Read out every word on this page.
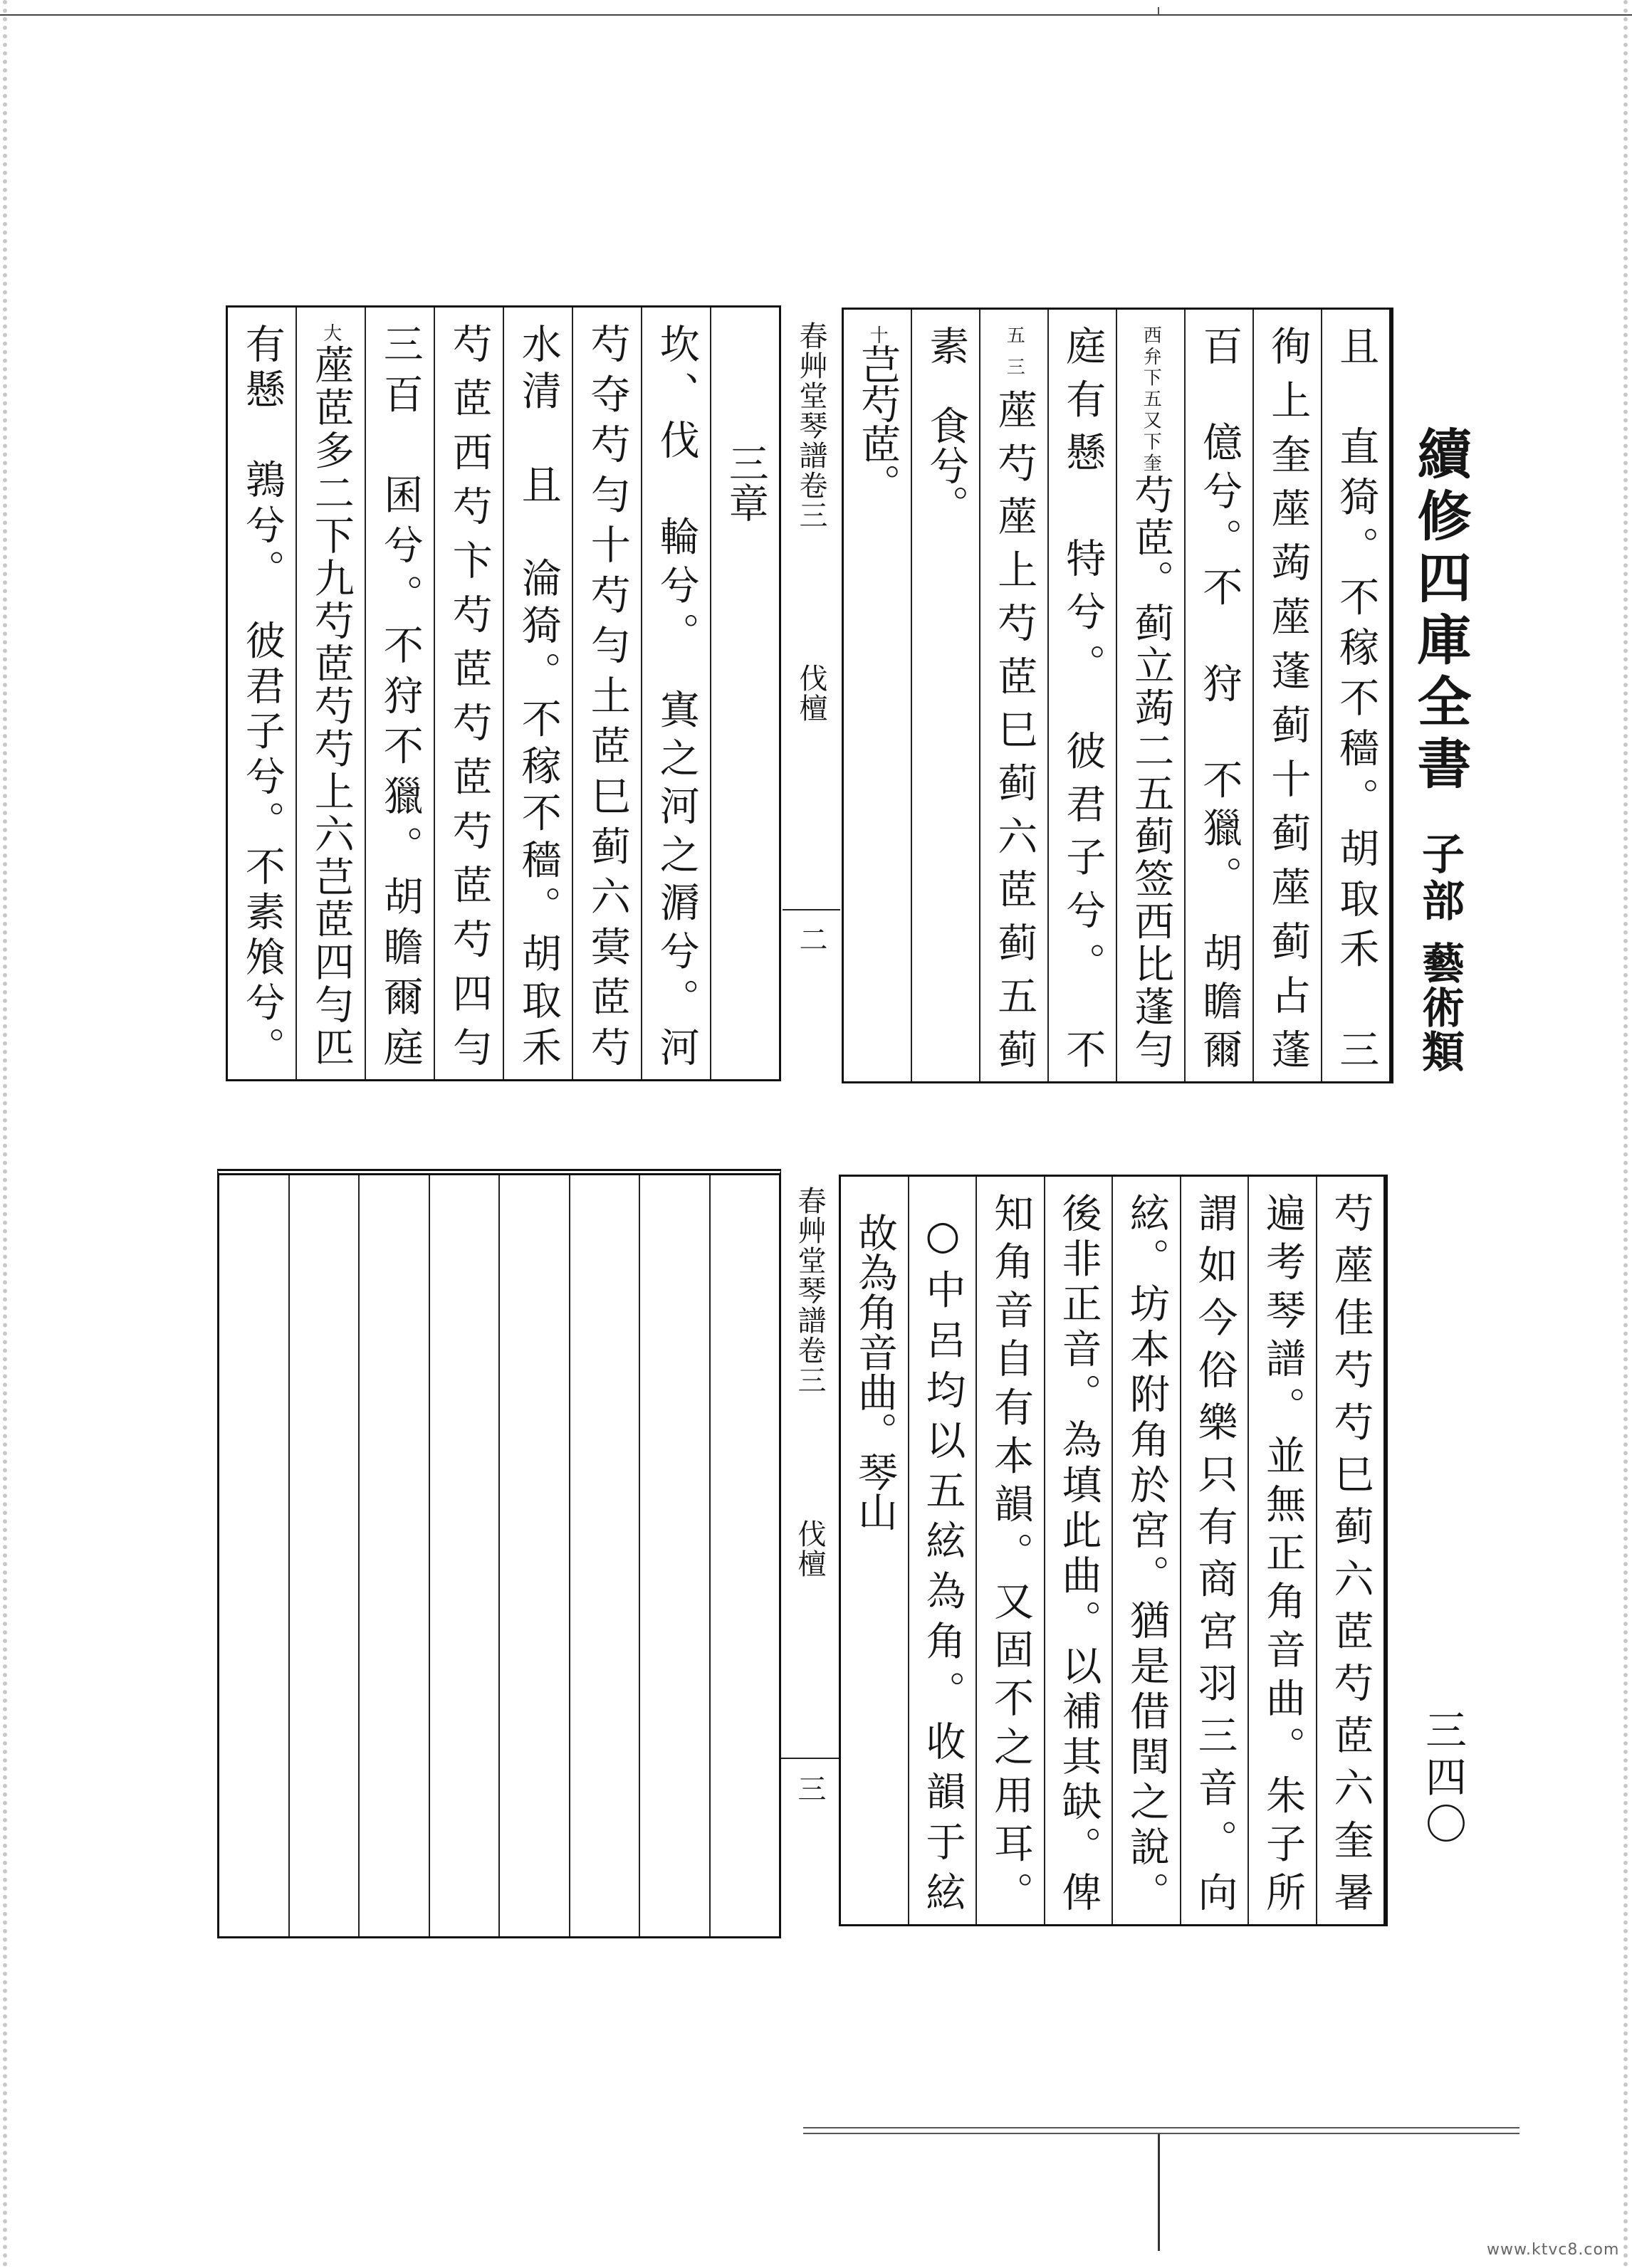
三章
坎、伐　輪兮。　寘之河之漘兮。河
芍夺芍勻十芍勻土茝巳蓟六蓂茝芍
水清　且　淪猗。不稼不穡。胡取禾
芍茝西芍卞芍茝芍茝芍茝芍四勻
三百　囷兮。不狩不獵。胡瞻爾庭
大蓙茝多二下九芍茝芍芍上六芑茝四勻匹
有懸　鶉兮。　彼君子兮。不素飧兮。	春艸堂琴譜卷三
伐檀
二	且　直猗。不稼不穡。胡取禾　三
徇上奎蓙蒟蓙蓬蓟十蓟蓙蓟占蓬
百　億兮。不　狩　不獵。　胡瞻爾
西弁下五又下奎芍茝。蓟立蒟二五蓟签西比蓬勻
庭有懸　特兮。　彼君子兮。　不
五三蓙芍蓙上芍茝巳蓟六茝蓟五蓟
素　食兮。
十芑芍茝。
春艸堂琴譜卷三
伐檀
三	芍蓙佳芍芍巳蓟六茝芍茝六奎暑
遍考琴譜。並無正角音曲。朱子所
謂如今俗樂只有商宮羽三音。向
絃。坊本附角於宮。猶是借閏之說。
後非正音。為填此曲。以補其缺。俾
知角音自有本韻。又固不之用耳。
○中呂均以五絃為角。收韻于絃
故為角音曲。琴山
續修四庫全書
子部
藝術類
三四〇
www.ktvc8.com
